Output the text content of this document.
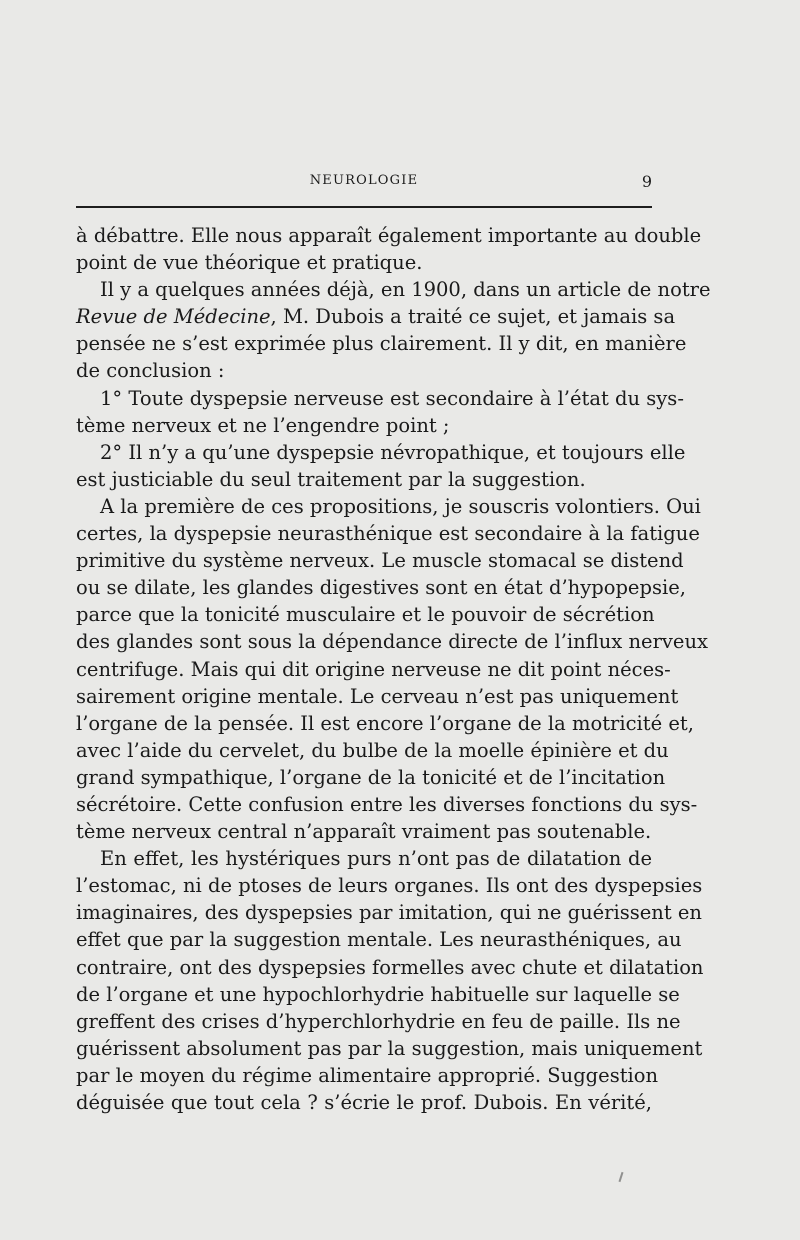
NEUROLOGIE	9
à débattre. Elle nous apparaît également importante au double
point de vue théorique et pratique.
Il y a quelques années déjà, en 1900, dans un article de notre
Revue de Médecine, M. Dubois a traité ce sujet, et jamais sa
pensée ne s’est exprimée plus clairement. Il y dit, en manière
de conclusion :
1° Toute dyspepsie nerveuse est secondaire à l’état du sys-
tème nerveux et ne l’engendre point ;
2° Il n’y a qu’une dyspepsie névropathique, et toujours elle
est justiciable du seul traitement par la suggestion.
A la première de ces propositions, je souscris volontiers. Oui
certes, la dyspepsie neurasthénique est secondaire à la fatigue
primitive du système nerveux. Le muscle stomacal se distend
ou se dilate, les glandes digestives sont en état d’hypopepsie,
parce que la tonicité musculaire et le pouvoir de sécrétion
des glandes sont sous la dépendance directe de l’influx nerveux
centrifuge. Mais qui dit origine nerveuse ne dit point néces-
sairement origine mentale. Le cerveau n’est pas uniquement
l’organe de la pensée. Il est encore l’organe de la motricité et,
avec l’aide du cervelet, du bulbe de la moelle épinière et du
grand sympathique, l’organe de la tonicité et de l’incitation
sécrétoire. Cette confusion entre les diverses fonctions du sys-
tème nerveux central n’apparaît vraiment pas soutenable.
En effet, les hystériques purs n’ont pas de dilatation de
l’estomac, ni de ptoses de leurs organes. Ils ont des dyspepsies
imaginaires, des dyspepsies par imitation, qui ne guérissent en
effet que par la suggestion mentale. Les neurasthéniques, au
contraire, ont des dyspepsies formelles avec chute et dilatation
de l’organe et une hypochlorhydrie habituelle sur laquelle se
greffent des crises d’hyperchlorhydrie en feu de paille. Ils ne
guérissent absolument pas par la suggestion, mais uniquement
par le moyen du régime alimentaire approprié. Suggestion
déguisée que tout cela ? s’écrie le prof. Dubois. En vérité,
